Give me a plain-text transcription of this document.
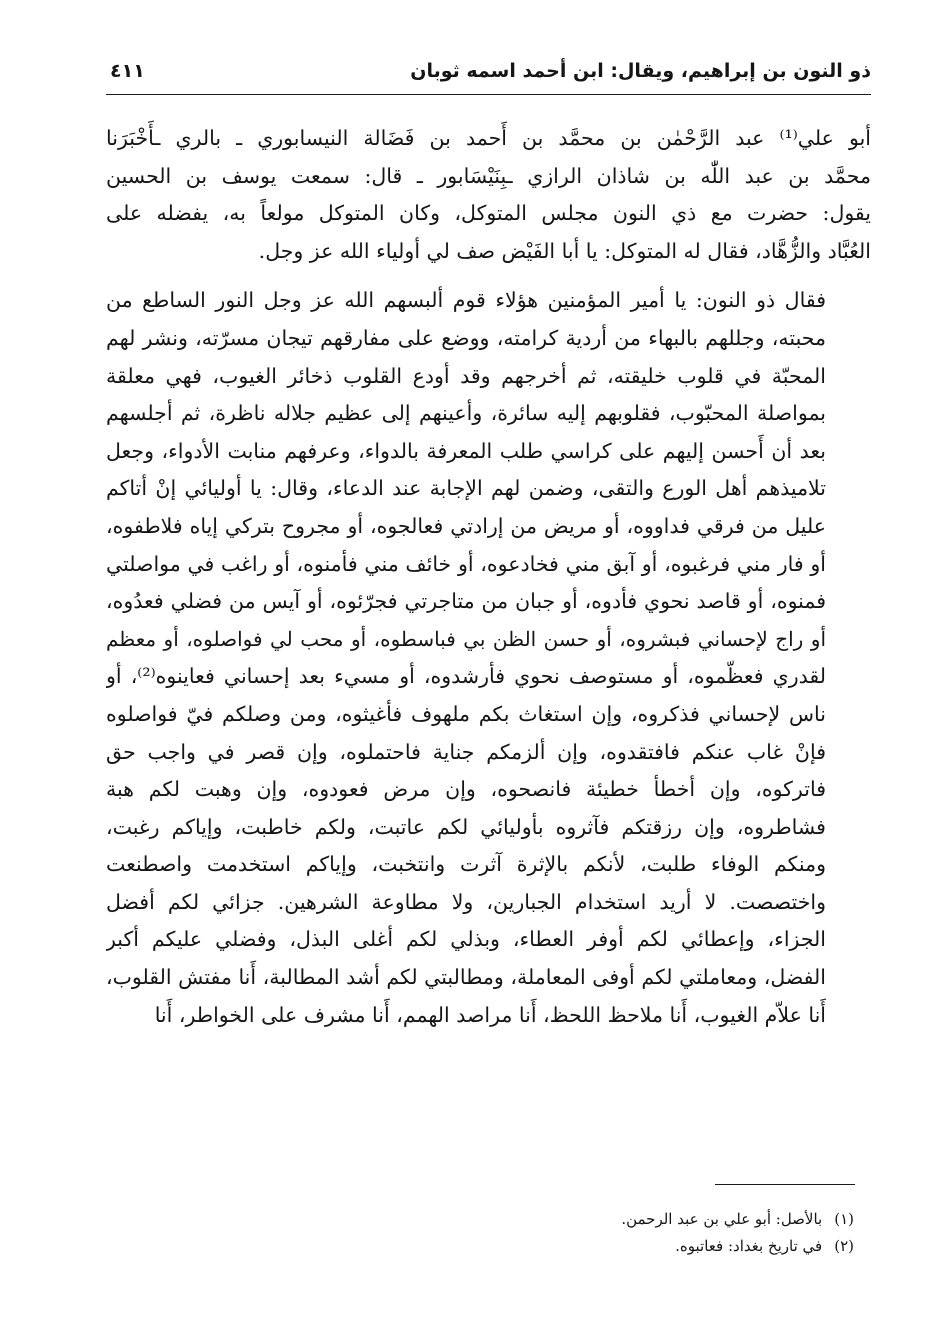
ذو النون بن إبراهيم، ويقال: ابن أحمد اسمه ثوبان
٤١١
أبو علي⁽¹⁾ عبد الرَّحْمٰن بن محمَّد بن أَحمد بن فَضَالة النيسابوري ـ بالري ـأَخْبَرَنا
محمَّد بن عبد اللّٰه بن شاذان الرازي ـبِنَيْسَابور ـ قال: سمعت يوسف بن الحسين
يقول: حضرت مع ذي النون مجلس المتوكل، وكان المتوكل مولعاً به، يفضله على
العُبَّاد والزُّهَّاد، فقال له المتوكل: يا أبا الفَيْض صف لي أولياء الله عز وجل.
فقال ذو النون: يا أمير المؤمنين هؤلاء قوم ألبسهم الله عز وجل النور الساطع من
محبته، وجللهم بالبهاء من أردية كرامته، ووضع على مفارقهم تيجان مسرّته، ونشر لهم
المحبّة في قلوب خليقته، ثم أخرجهم وقد أودع القلوب ذخائر الغيوب، فهي معلقة
بمواصلة المحبّوب، فقلوبهم إليه سائرة، وأعينهم إلى عظيم جلاله ناظرة، ثم أجلسهم
بعد أن أَحسن إليهم على كراسي طلب المعرفة بالدواء، وعرفهم منابت الأدواء، وجعل
تلاميذهم أهل الورع والتقى، وضمن لهم الإجابة عند الدعاء، وقال: يا أوليائي إنْ أتاكم
عليل من فرقي فداووه، أو مريض من إرادتي فعالجوه، أو مجروح بتركي إياه فلاطفوه،
أو فار مني فرغبوه، أو آبق مني فخادعوه، أو خائف مني فأمنوه، أو راغب في مواصلتي
فمنوه، أو قاصد نحوي فأدوه، أو جبان من متاجرتي فجرّئوه، أو آيس من فضلي فعدُوه،
أو راج لإحساني فبشروه، أو حسن الظن بي فباسطوه، أو محب لي فواصلوه، أو معظم
لقدري فعظّموه، أو مستوصف نحوي فأرشدوه، أو مسيء بعد إحساني فعاينوه⁽²⁾، أو
ناس لإحساني فذكروه، وإن استغاث بكم ملهوف فأغيثوه، ومن وصلكم فيّ فواصلوه
فإنْ غاب عنكم فافتقدوه، وإن ألزمكم جناية فاحتملوه، وإن قصر في واجب حق
فاتركوه، وإن أخطأ خطيئة فانصحوه، وإن مرض فعودوه، وإن وهبت لكم هبة
فشاطروه، وإن رزقتكم فآثروه بأوليائي لكم عاتبت، ولكم خاطبت، وإياكم رغبت،
ومنكم الوفاء طلبت، لأنكم بالإثرة آثرت وانتخبت، وإياكم استخدمت واصطنعت
واختصصت. لا أريد استخدام الجبارين، ولا مطاوعة الشرهين. جزائي لكم أفضل
الجزاء، وإعطائي لكم أوفر العطاء، وبذلي لكم أغلى البذل، وفضلي عليكم أكبر
الفضل، ومعاملتي لكم أوفى المعاملة، ومطالبتي لكم أشد المطالبة، أَنا مفتش القلوب،
أَنا علاّم الغيوب، أَنا ملاحظ اللحظ، أَنا مراصد الهمم، أَنا مشرف على الخواطر، أَنا
(١)بالأصل: أبو علي بن عبد الرحمن.
(٢)في تاريخ بغداد: فعاتبوه.
